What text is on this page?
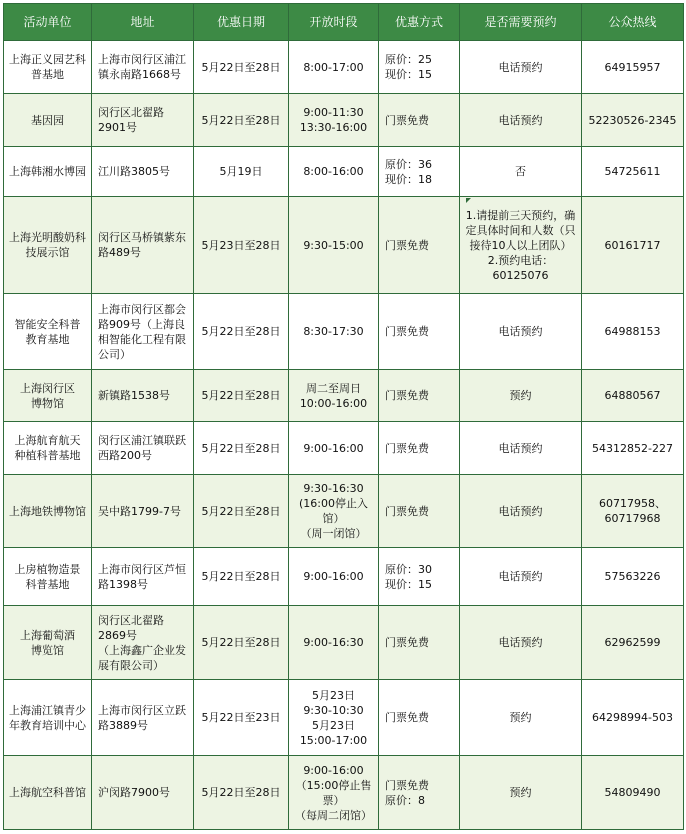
活动单位	地址	优惠日期	开放时段	优惠方式	是否需要预约	公众热线
上海正义园艺科
普基地	上海市闵行区浦江
镇永南路1668号	5月22日至28日	8:00-17:00	原价：25
现价：15	电话预约	64915957
基因园	闵行区北翟路
2901号	5月22日至28日	9:00-11:30
13:30-16:00	门票免费	电话预约	52230526-2345
上海韩湘水博园	江川路3805号	5月19日	8:00-16:00	原价：36
现价：18	否	54725611
上海光明酸奶科
技展示馆	闵行区马桥镇紫东
路489号	5月23日至28日	9:30-15:00	门票免费	1.请提前三天预约，确
定具体时间和人数（只
接待10人以上团队）
2.预约电话：
60125076	60161717
智能安全科普
教育基地	上海市闵行区都会
路909号（上海良
相智能化工程有限
公司）	5月22日至28日	8:30-17:30	门票免费	电话预约	64988153
上海闵行区
博物馆	新镇路1538号	5月22日至28日	周二至周日
10:00-16:00	门票免费	预约	64880567
上海航育航天
种植科普基地	闵行区浦江镇联跃
西路200号	5月22日至28日	9:00-16:00	门票免费	电话预约	54312852-227
上海地铁博物馆	吴中路1799-7号	5月22日至28日	9:30-16:30
(16:00停止入
馆）
（周一闭馆）	门票免费	电话预约	60717958、
60717968
上房植物造景
科普基地	上海市闵行区芦恒
路1398号	5月22日至28日	9:00-16:00	原价：30
现价：15	电话预约	57563226
上海葡萄酒
博览馆	闵行区北翟路
2869号
（上海鑫广企业发
展有限公司）	5月22日至28日	9:00-16:30	门票免费	电话预约	62962599
上海浦江镇青少
年教育培训中心	上海市闵行区立跃
路3889号	5月22日至23日	5月23日
9:30-10:30
5月23日
15:00-17:00	门票免费	预约	64298994-503
上海航空科普馆	沪闵路7900号	5月22日至28日	9:00-16:00
（15:00停止售
票）
（每周二闭馆）	门票免费
原价：8	预约	54809490
